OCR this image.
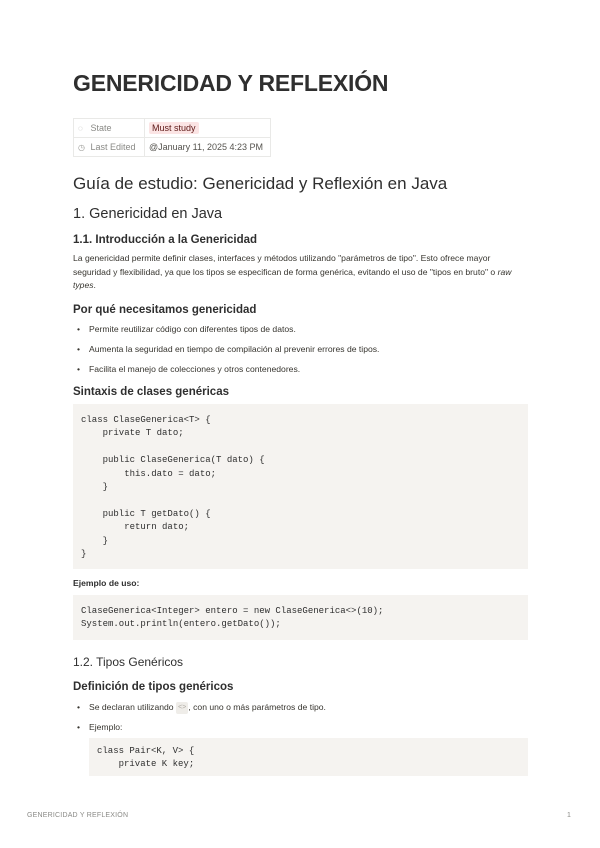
GENERICIDAD Y REFLEXIÓN
◌ State	Must study
◷ Last Edited	@January 11, 2025 4:23 PM
Guía de estudio: Genericidad y Reflexión en Java
1. Genericidad en Java
1.1. Introducción a la Genericidad

La genericidad permite definir clases, interfaces y métodos utilizando "parámetros de tipo". Esto ofrece mayor seguridad y flexibilidad, ya que los tipos se especifican de forma genérica, evitando el uso de "tipos en bruto" o raw types.

Por qué necesitamos genericidad
• Permite reutilizar código con diferentes tipos de datos.
• Aumenta la seguridad en tiempo de compilación al prevenir errores de tipos.
• Facilita el manejo de colecciones y otros contenedores.
Sintaxis de clases genéricas
class ClaseGenerica<T> {
private T dato;

public ClaseGenerica(T dato) {
this.dato = dato;
}

public T getDato() {
return dato;
}
}

Ejemplo de uso:

ClaseGenerica<Integer> entero = new ClaseGenerica<>(10);
System.out.println(entero.getDato());
1.2. Tipos Genéricos
Definición de tipos genéricos
• Se declaran utilizando <> , con uno o más parámetros de tipo.
• Ejemplo:
class Pair<K, V> {
private K key;
GENERICIDAD Y REFLEXIÓN	1
